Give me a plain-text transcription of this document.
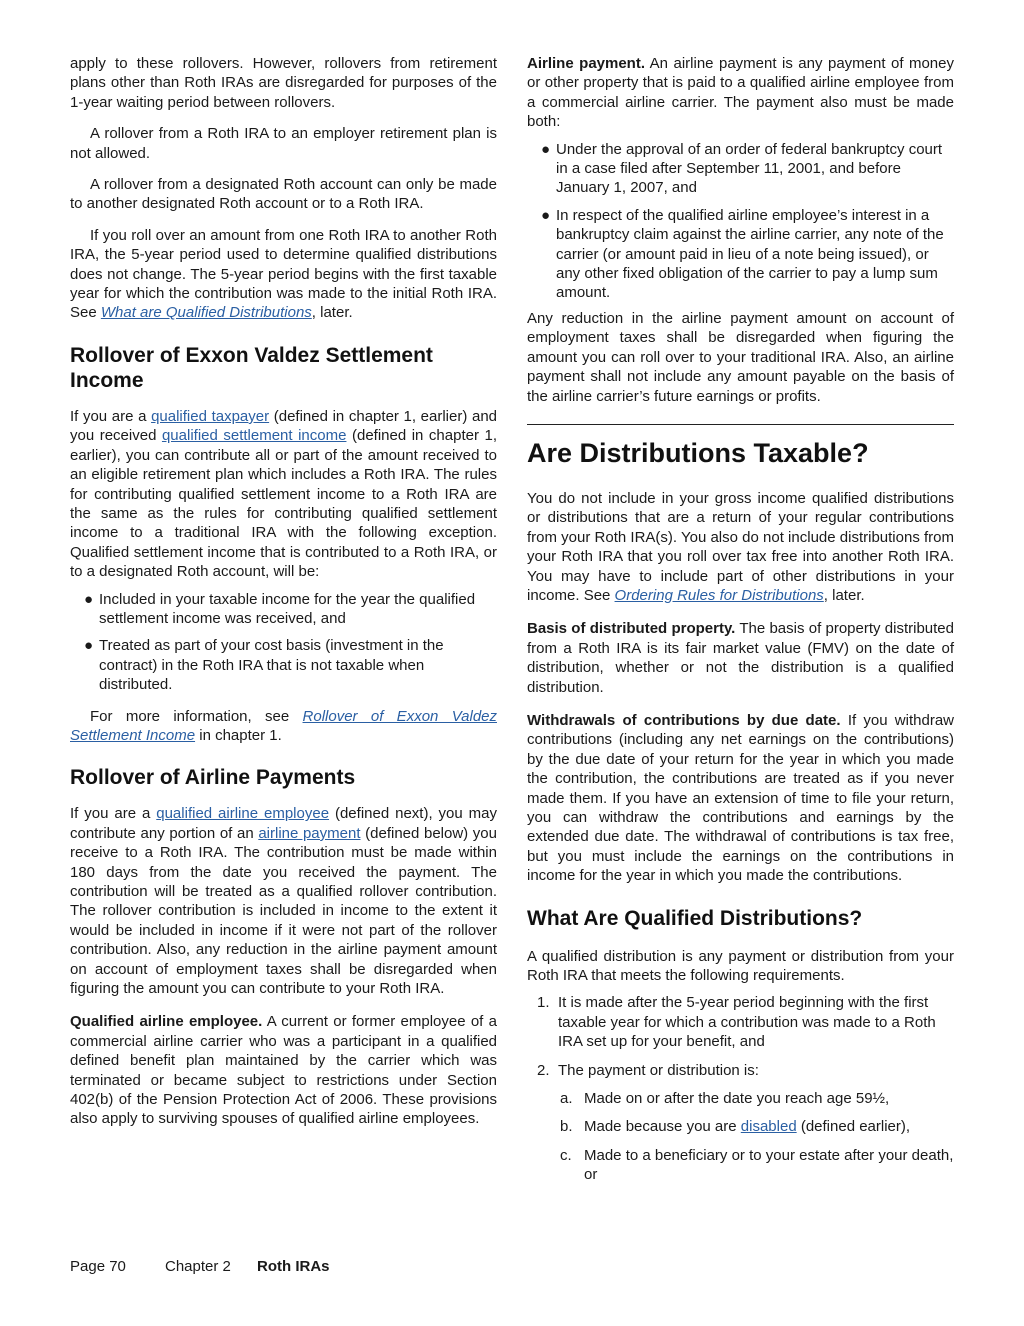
apply to these rollovers. However, rollovers from retirement plans other than Roth IRAs are disregarded for purposes of the 1-year waiting period between rollovers.

A rollover from a Roth IRA to an employer retirement plan is not allowed.

A rollover from a designated Roth account can only be made to another designated Roth account or to a Roth IRA.

If you roll over an amount from one Roth IRA to another Roth IRA, the 5-year period used to determine qualified distributions does not change. The 5-year period begins with the first taxable year for which the contribution was made to the initial Roth IRA. See What are Qualified Distributions, later.

Rollover of Exxon Valdez Settlement Income

If you are a qualified taxpayer (defined in chapter 1, earlier) and you received qualified settlement income (defined in chapter 1, earlier), you can contribute all or part of the amount received to an eligible retirement plan which includes a Roth IRA. The rules for contributing qualified settlement income to a Roth IRA are the same as the rules for contributing qualified settlement income to a traditional IRA with the following exception. Qualified settlement income that is contributed to a Roth IRA, or to a designated Roth account, will be:

● Included in your taxable income for the year the qualified settlement income was received, and
● Treated as part of your cost basis (investment in the contract) in the Roth IRA that is not taxable when distributed.

For more information, see Rollover of Exxon Valdez Settlement Income in chapter 1.

Rollover of Airline Payments

If you are a qualified airline employee (defined next), you may contribute any portion of an airline payment (defined below) you receive to a Roth IRA. The contribution must be made within 180 days from the date you received the payment. The contribution will be treated as a qualified rollover contribution. The rollover contribution is included in income to the extent it would be included in income if it were not part of the rollover contribution. Also, any reduction in the airline payment amount on account of employment taxes shall be disregarded when figuring the amount you can contribute to your Roth IRA.

Qualified airline employee. A current or former employee of a commercial airline carrier who was a participant in a qualified defined benefit plan maintained by the carrier which was terminated or became subject to restrictions under Section 402(b) of the Pension Protection Act of 2006. These provisions also apply to surviving spouses of qualified airline employees.

Airline payment. An airline payment is any payment of money or other property that is paid to a qualified airline employee from a commercial airline carrier. The payment also must be made both:

● Under the approval of an order of federal bankruptcy court in a case filed after September 11, 2001, and before January 1, 2007, and
● In respect of the qualified airline employee’s interest in a bankruptcy claim against the airline carrier, any note of the carrier (or amount paid in lieu of a note being issued), or any other fixed obligation of the carrier to pay a lump sum amount.

Any reduction in the airline payment amount on account of employment taxes shall be disregarded when figuring the amount you can roll over to your traditional IRA. Also, an airline payment shall not include any amount payable on the basis of the airline carrier’s future earnings or profits.

Are Distributions Taxable?

You do not include in your gross income qualified distributions or distributions that are a return of your regular contributions from your Roth IRA(s). You also do not include distributions from your Roth IRA that you roll over tax free into another Roth IRA. You may have to include part of other distributions in your income. See Ordering Rules for Distributions, later.

Basis of distributed property. The basis of property distributed from a Roth IRA is its fair market value (FMV) on the date of distribution, whether or not the distribution is a qualified distribution.

Withdrawals of contributions by due date. If you withdraw contributions (including any net earnings on the contributions) by the due date of your return for the year in which you made the contribution, the contributions are treated as if you never made them. If you have an extension of time to file your return, you can withdraw the contributions and earnings by the extended due date. The withdrawal of contributions is tax free, but you must include the earnings on the contributions in income for the year in which you made the contributions.

What Are Qualified Distributions?

A qualified distribution is any payment or distribution from your Roth IRA that meets the following requirements.

1. It is made after the 5-year period beginning with the first taxable year for which a contribution was made to a Roth IRA set up for your benefit, and
2. The payment or distribution is:
a. Made on or after the date you reach age 59½,
b. Made because you are disabled (defined earlier),
c. Made to a beneficiary or to your estate after your death, or
Page 70	Chapter 2 Roth IRAs
